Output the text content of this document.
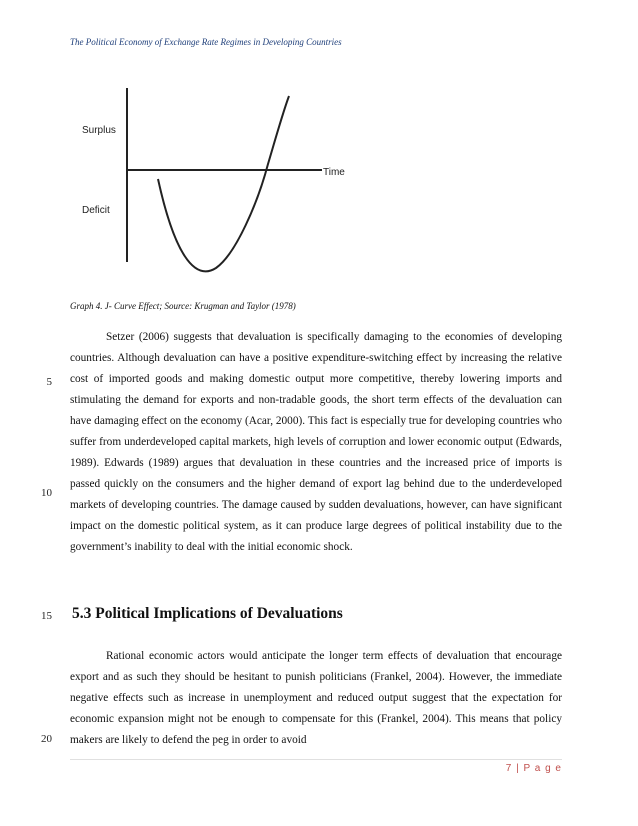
The Political Economy of Exchange Rate Regimes in Developing Countries
Surplus
Deficit
Time
Graph 4. J- Curve Effect; Source: Krugman and Taylor (1978)

Setzer (2006) suggests that devaluation is specifically damaging to the economies of developing countries. Although devaluation can have a positive expenditure-switching effect by increasing the relative cost of imported goods and making domestic output more competitive, thereby lowering imports and stimulating the demand for exports and non-tradable goods, the short term effects of the devaluation can have damaging effect on the economy (Acar, 2000). This fact is especially true for developing countries who suffer from underdeveloped capital markets, high levels of corruption and lower economic output (Edwards, 1989). Edwards (1989) argues that devaluation in these countries and the increased price of imports is passed quickly on the consumers and the higher demand of export lag behind due to the underdeveloped markets of developing countries. The damage caused by sudden devaluations, however, can have significant impact on the domestic political system, as it can produce large degrees of political instability due to the government’s inability to deal with the initial economic shock.

5.3 Political Implications of Devaluations

Rational economic actors would anticipate the longer term effects of devaluation that encourage export and as such they should be hesitant to punish politicians (Frankel, 2004). However, the immediate negative effects such as increase in unemployment and reduced output suggest that the expectation for economic expansion might not be enough to compensate for this (Frankel, 2004). This means that policy makers are likely to defend the peg in order to avoid

5
10
15
20
7 | P a g e
